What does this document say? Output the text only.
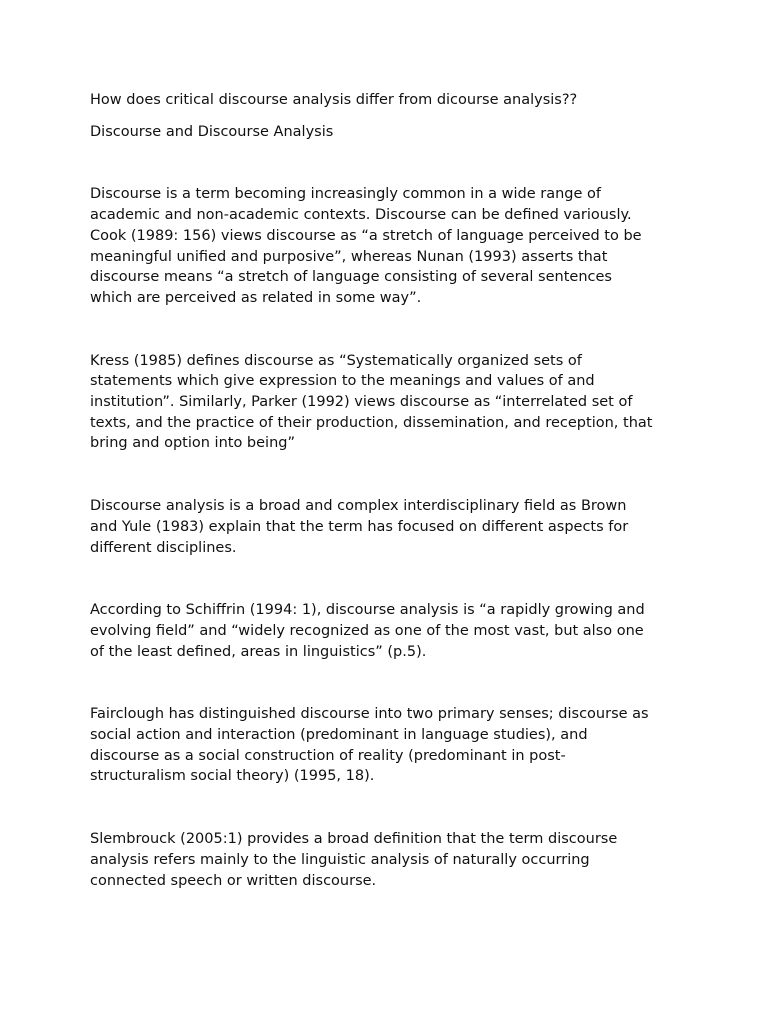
How does critical discourse analysis differ from dicourse analysis??

Discourse and Discourse Analysis

Discourse is a term becoming increasingly common in a wide range of
academic and non-academic contexts. Discourse can be defined variously.
Cook (1989: 156) views discourse as “a stretch of language perceived to be
meaningful unified and purposive”, whereas Nunan (1993) asserts that
discourse means “a stretch of language consisting of several sentences
which are perceived as related in some way”.
Kress (1985) defines discourse as “Systematically organized sets of
statements which give expression to the meanings and values of and
institution”. Similarly, Parker (1992) views discourse as “interrelated set of
texts, and the practice of their production, dissemination, and reception, that
bring and option into being”
Discourse analysis is a broad and complex interdisciplinary field as Brown
and Yule (1983) explain that the term has focused on different aspects for
different disciplines.
According to Schiffrin (1994: 1), discourse analysis is “a rapidly growing and
evolving field” and “widely recognized as one of the most vast, but also one
of the least defined, areas in linguistics” (p.5).
Fairclough has distinguished discourse into two primary senses; discourse as
social action and interaction (predominant in language studies), and
discourse as a social construction of reality (predominant in post-
structuralism social theory) (1995, 18).
Slembrouck (2005:1) provides a broad definition that the term discourse
analysis refers mainly to the linguistic analysis of naturally occurring
connected speech or written discourse.
